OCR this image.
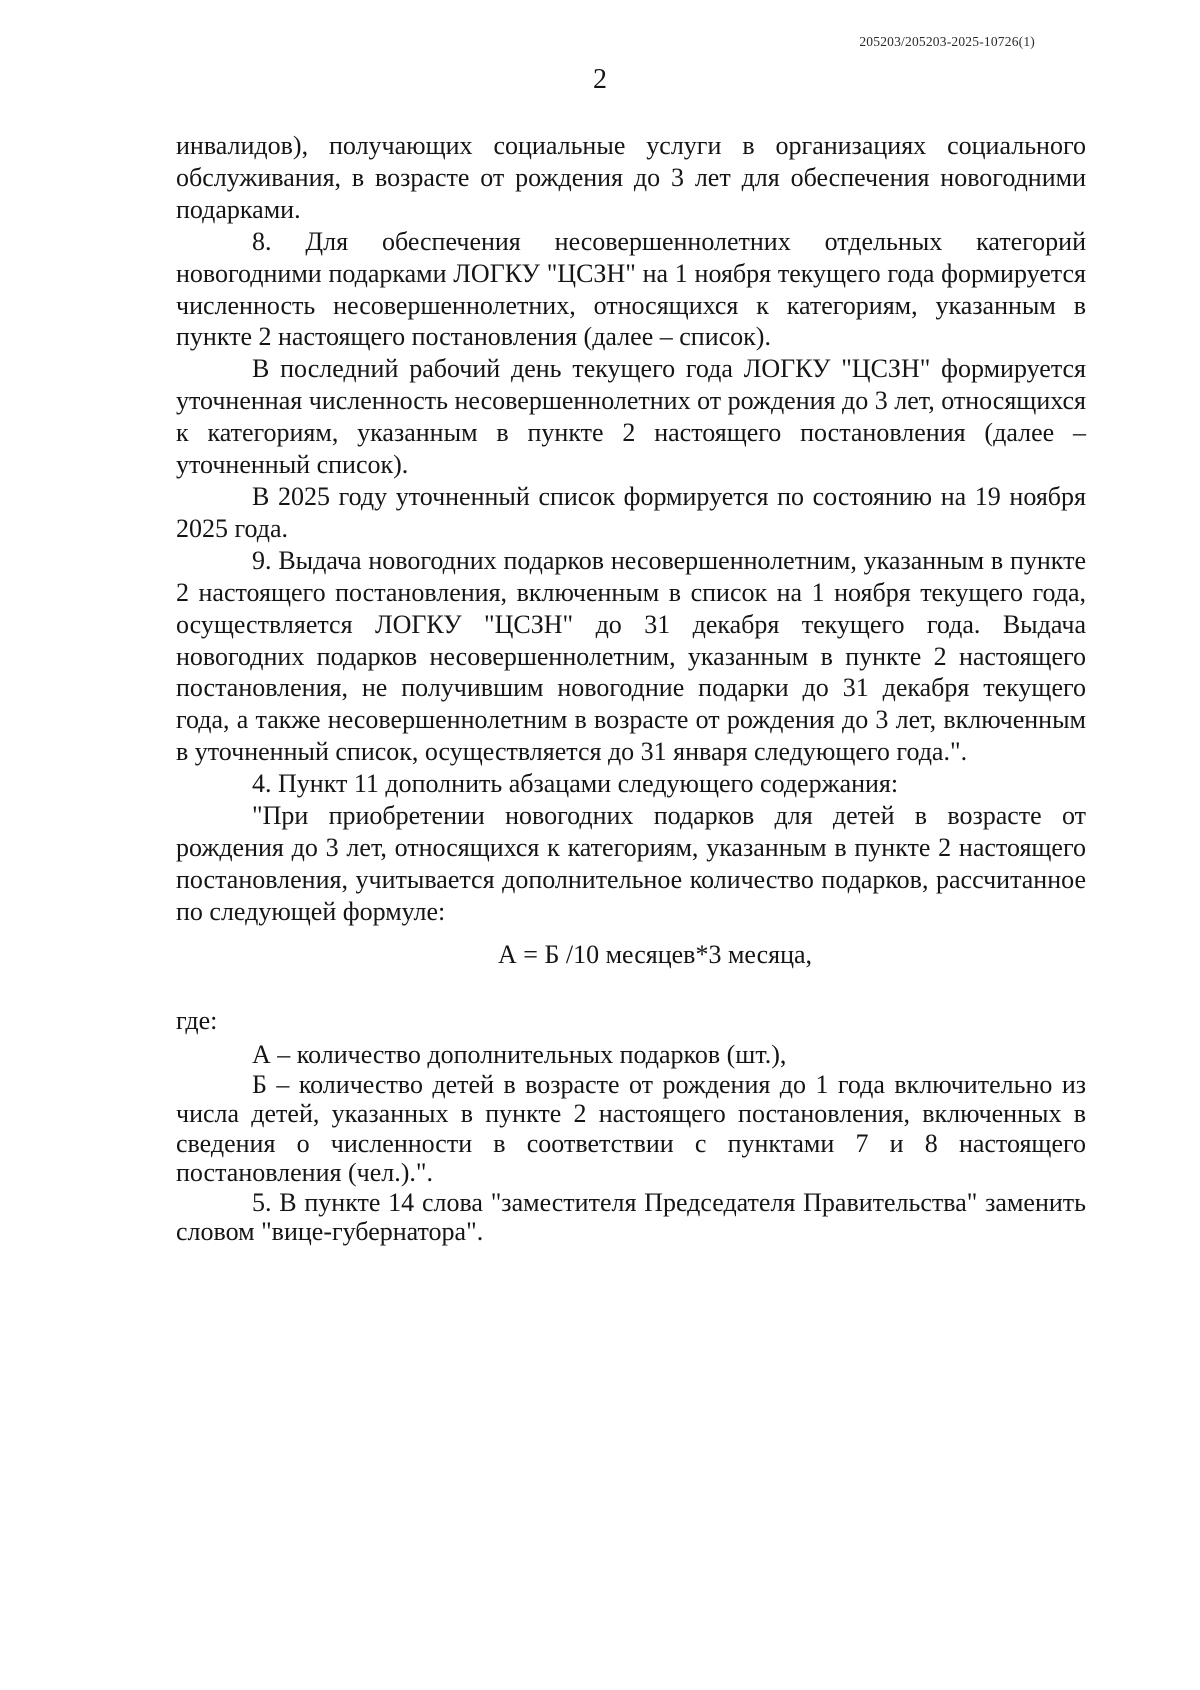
205203/205203-2025-10726(1)
2

инвалидов), получающих социальные услуги в организациях социального обслуживания, в возрасте от рождения до 3 лет для обеспечения новогодними подарками.

8. Для обеспечения несовершеннолетних отдельных категорий новогодними подарками ЛОГКУ "ЦСЗН" на 1 ноября текущего года формируется численность несовершеннолетних, относящихся к категориям, указанным в пункте 2 настоящего постановления (далее – список).

В последний рабочий день текущего года ЛОГКУ "ЦСЗН" формируется уточненная численность несовершеннолетних от рождения до 3 лет, относящихся к категориям, указанным в пункте 2 настоящего постановления (далее – уточненный список).

В 2025 году уточненный список формируется по состоянию на 19 ноября 2025 года.

9. Выдача новогодних подарков несовершеннолетним, указанным в пункте 2 настоящего постановления, включенным в список на 1 ноября текущего года, осуществляется ЛОГКУ "ЦСЗН" до 31 декабря текущего года. Выдача новогодних подарков несовершеннолетним, указанным в пункте 2 настоящего постановления, не получившим новогодние подарки до 31 декабря текущего года, а также несовершеннолетним в возрасте от рождения до 3 лет, включенным в уточненный список, осуществляется до 31 января следующего года.".

4. Пункт 11 дополнить абзацами следующего содержания:

"При приобретении новогодних подарков для детей в возрасте от рождения до 3 лет, относящихся к категориям, указанным в пункте 2 настоящего постановления, учитывается дополнительное количество подарков, рассчитанное по следующей формуле:

А = Б /10 месяцев*3 месяца,

где:

А – количество дополнительных подарков (шт.),

Б – количество детей в возрасте от рождения до 1 года включительно из числа детей, указанных в пункте 2 настоящего постановления, включенных в сведения о численности в соответствии с пунктами 7 и 8 настоящего постановления (чел.).".

5. В пункте 14 слова "заместителя Председателя Правительства" заменить словом "вице-губернатора".
